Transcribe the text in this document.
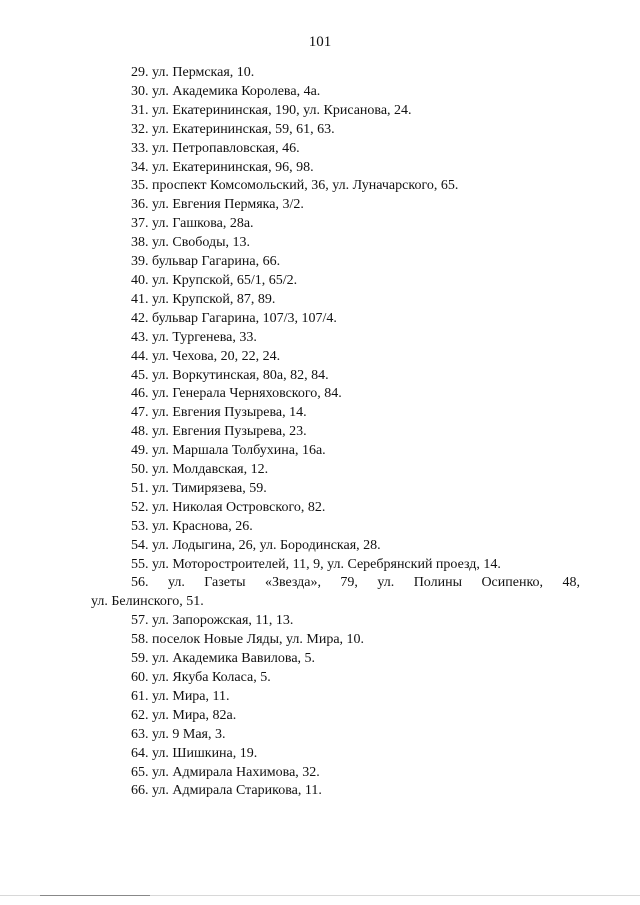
101
29. ул. Пермская, 10.
30. ул. Академика Королева, 4а.
31. ул. Екатерининская, 190, ул. Крисанова, 24.
32. ул. Екатерининская, 59, 61, 63.
33. ул. Петропавловская, 46.
34. ул. Екатерининская, 96, 98.
35. проспект Комсомольский, 36, ул. Луначарского, 65.
36. ул. Евгения Пермяка, 3/2.
37. ул. Гашкова, 28а.
38. ул. Свободы, 13.
39. бульвар Гагарина, 66.
40. ул. Крупской, 65/1, 65/2.
41. ул. Крупской, 87, 89.
42. бульвар Гагарина, 107/3, 107/4.
43. ул. Тургенева, 33.
44. ул. Чехова, 20, 22, 24.
45. ул. Воркутинская, 80а, 82, 84.
46. ул. Генерала Черняховского, 84.
47. ул. Евгения Пузырева, 14.
48. ул. Евгения Пузырева, 23.
49. ул. Маршала Толбухина, 16а.
50. ул. Молдавская, 12.
51. ул. Тимирязева, 59.
52. ул. Николая Островского, 82.
53. ул. Краснова, 26.
54. ул. Лодыгина, 26, ул. Бородинская, 28.
55. ул. Моторостроителей, 11, 9, ул. Серебрянский проезд, 14.
56. ул. Газеты «Звезда», 79, ул. Полины Осипенко, 48,
ул. Белинского, 51.
57. ул. Запорожская, 11, 13.
58. поселок Новые Ляды, ул. Мира, 10.
59. ул. Академика Вавилова, 5.
60. ул. Якуба Коласа, 5.
61. ул. Мира, 11.
62. ул. Мира, 82а.
63. ул. 9 Мая, 3.
64. ул. Шишкина, 19.
65. ул. Адмирала Нахимова, 32.
66. ул. Адмирала Старикова, 11.
